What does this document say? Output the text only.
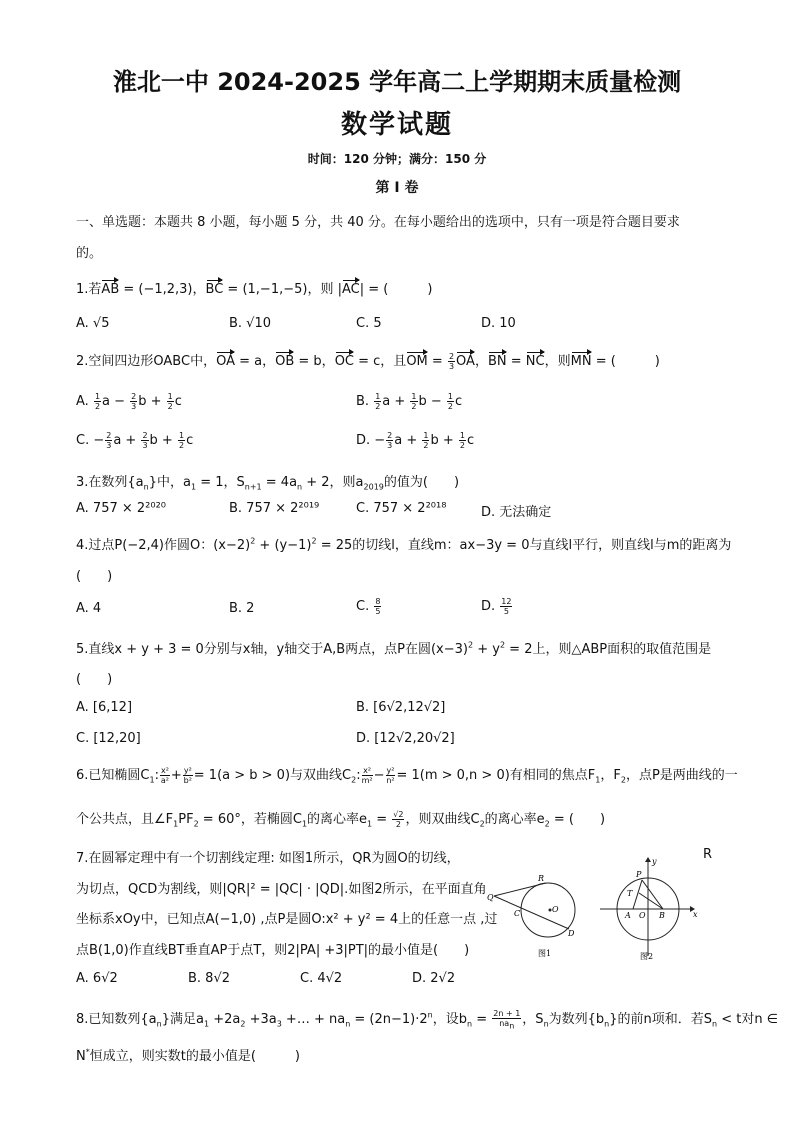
淮北一中 2024-2025 学年高二上学期期末质量检测
数学试题
时间：120 分钟；满分：150 分
第 I 卷
一、单选题：本题共 8 小题，每小题 5 分，共 40 分。在每小题给出的选项中，只有一项是符合题目要求
的。
1.若AB = (−1,2,3)，BC = (1,−1,−5)，则 |AC| = (　　　)
A. √5	B. √10	C. 5	D. 10
2.空间四边形OABC中，OA = a，OB = b，OC = c，且OM = $\frac{2}{3}$ OA，BN = NC，则MN = (　　　)
A. $\frac{1}{2}$ $a - \frac{2}{3}$ $b + \frac{1}{2}$ c	B. $\frac{1}{2}$ $a + \frac{1}{2}$ $b - \frac{1}{2}$ c
C. − $\frac{2}{3}$ $a + \frac{2}{3}$ $b + \frac{1}{2}$ c	D. − $\frac{2}{3}$ $a + \frac{1}{2}$ $b + \frac{1}{2}$ c
3.在数列$\{a_n\}$中，$a_1 = 1$，$S_{n+1} = 4a_n + 2$，则$a_{2019}$的值为(　　)
A. 757 × 2²⁰²⁰	B. 757 × 2²⁰¹⁹	C. 757 × 2²⁰¹⁸	D. 无法确定
4.过点P(−2,4)作圆O：$(x-2)^2 + (y-1)^2 = 25$的切线l，直线m：ax−3y = 0与直线l平行，则直线l与m的距离为
(　　)
A. 4	B. 2	C. $\frac{8}{5}$	D. $\frac{12}{5}$
5.直线x + y + 3 = 0分别与x轴，y轴交于A,B两点，点P在圆$(x-3)^2 + y^2 = 2$上，则△ABP面积的取值范围是
(　　)
A. [6,12]	B. [6√2,12√2]
C. [12,20]	D. [12√2,20√2]
6.已知椭圆$C_1$: $\frac{\text{x²}}{\text{a²}} + \frac{\text{y²}}{\text{b²}} = 1(a > b > 0)$与双曲线$C_2$: $\frac{\text{x²}}{\text{m²}} - \frac{\text{y²}}{\text{n²}} = 1(m > 0,n > 0)$有相同的焦点$F_1$，$F_2$，点P是两曲线的一
个公共点，且$\angle F_1PF_2 = 60^\circ$，若椭圆$C_1$的离心率$e_1 = \frac{√2}{2}$ ，则双曲线$C_2$的离心率$e_2$ = (　　)
7.在圆幂定理中有一个切割线定理: 如图1所示，QR为圆O的切线，	R
为切点，QCD为割线，则|QR|² = |QC| · |QD|.如图2所示，在平面直角
坐标系xOy中，已知点A(−1,0) ,点P是圆O:x² + y² = 4上的任意一点 ,过
点B(1,0)作直线BT垂直AP于点T，则2|PA| +3|PT|的最小值是(　　)
A. 6√2	B. 8√2	C. 4√2	D. 2√2
Q
R
C	O
D
图1
P
T
A O B	x
y
图2
8.已知数列$\{a_n\}$满足$a_1 +2a_2 +3a_3$ +… + $na_n = (2n-1)\cdot 2^n$，设$b_n = \frac{2n + 1}{na_n}$ ，$S_n$为数列$\{b_n\}$的前n项和．若$S_n < t$对n ∈
N*恒成立，则实数t的最小值是(　　　)
